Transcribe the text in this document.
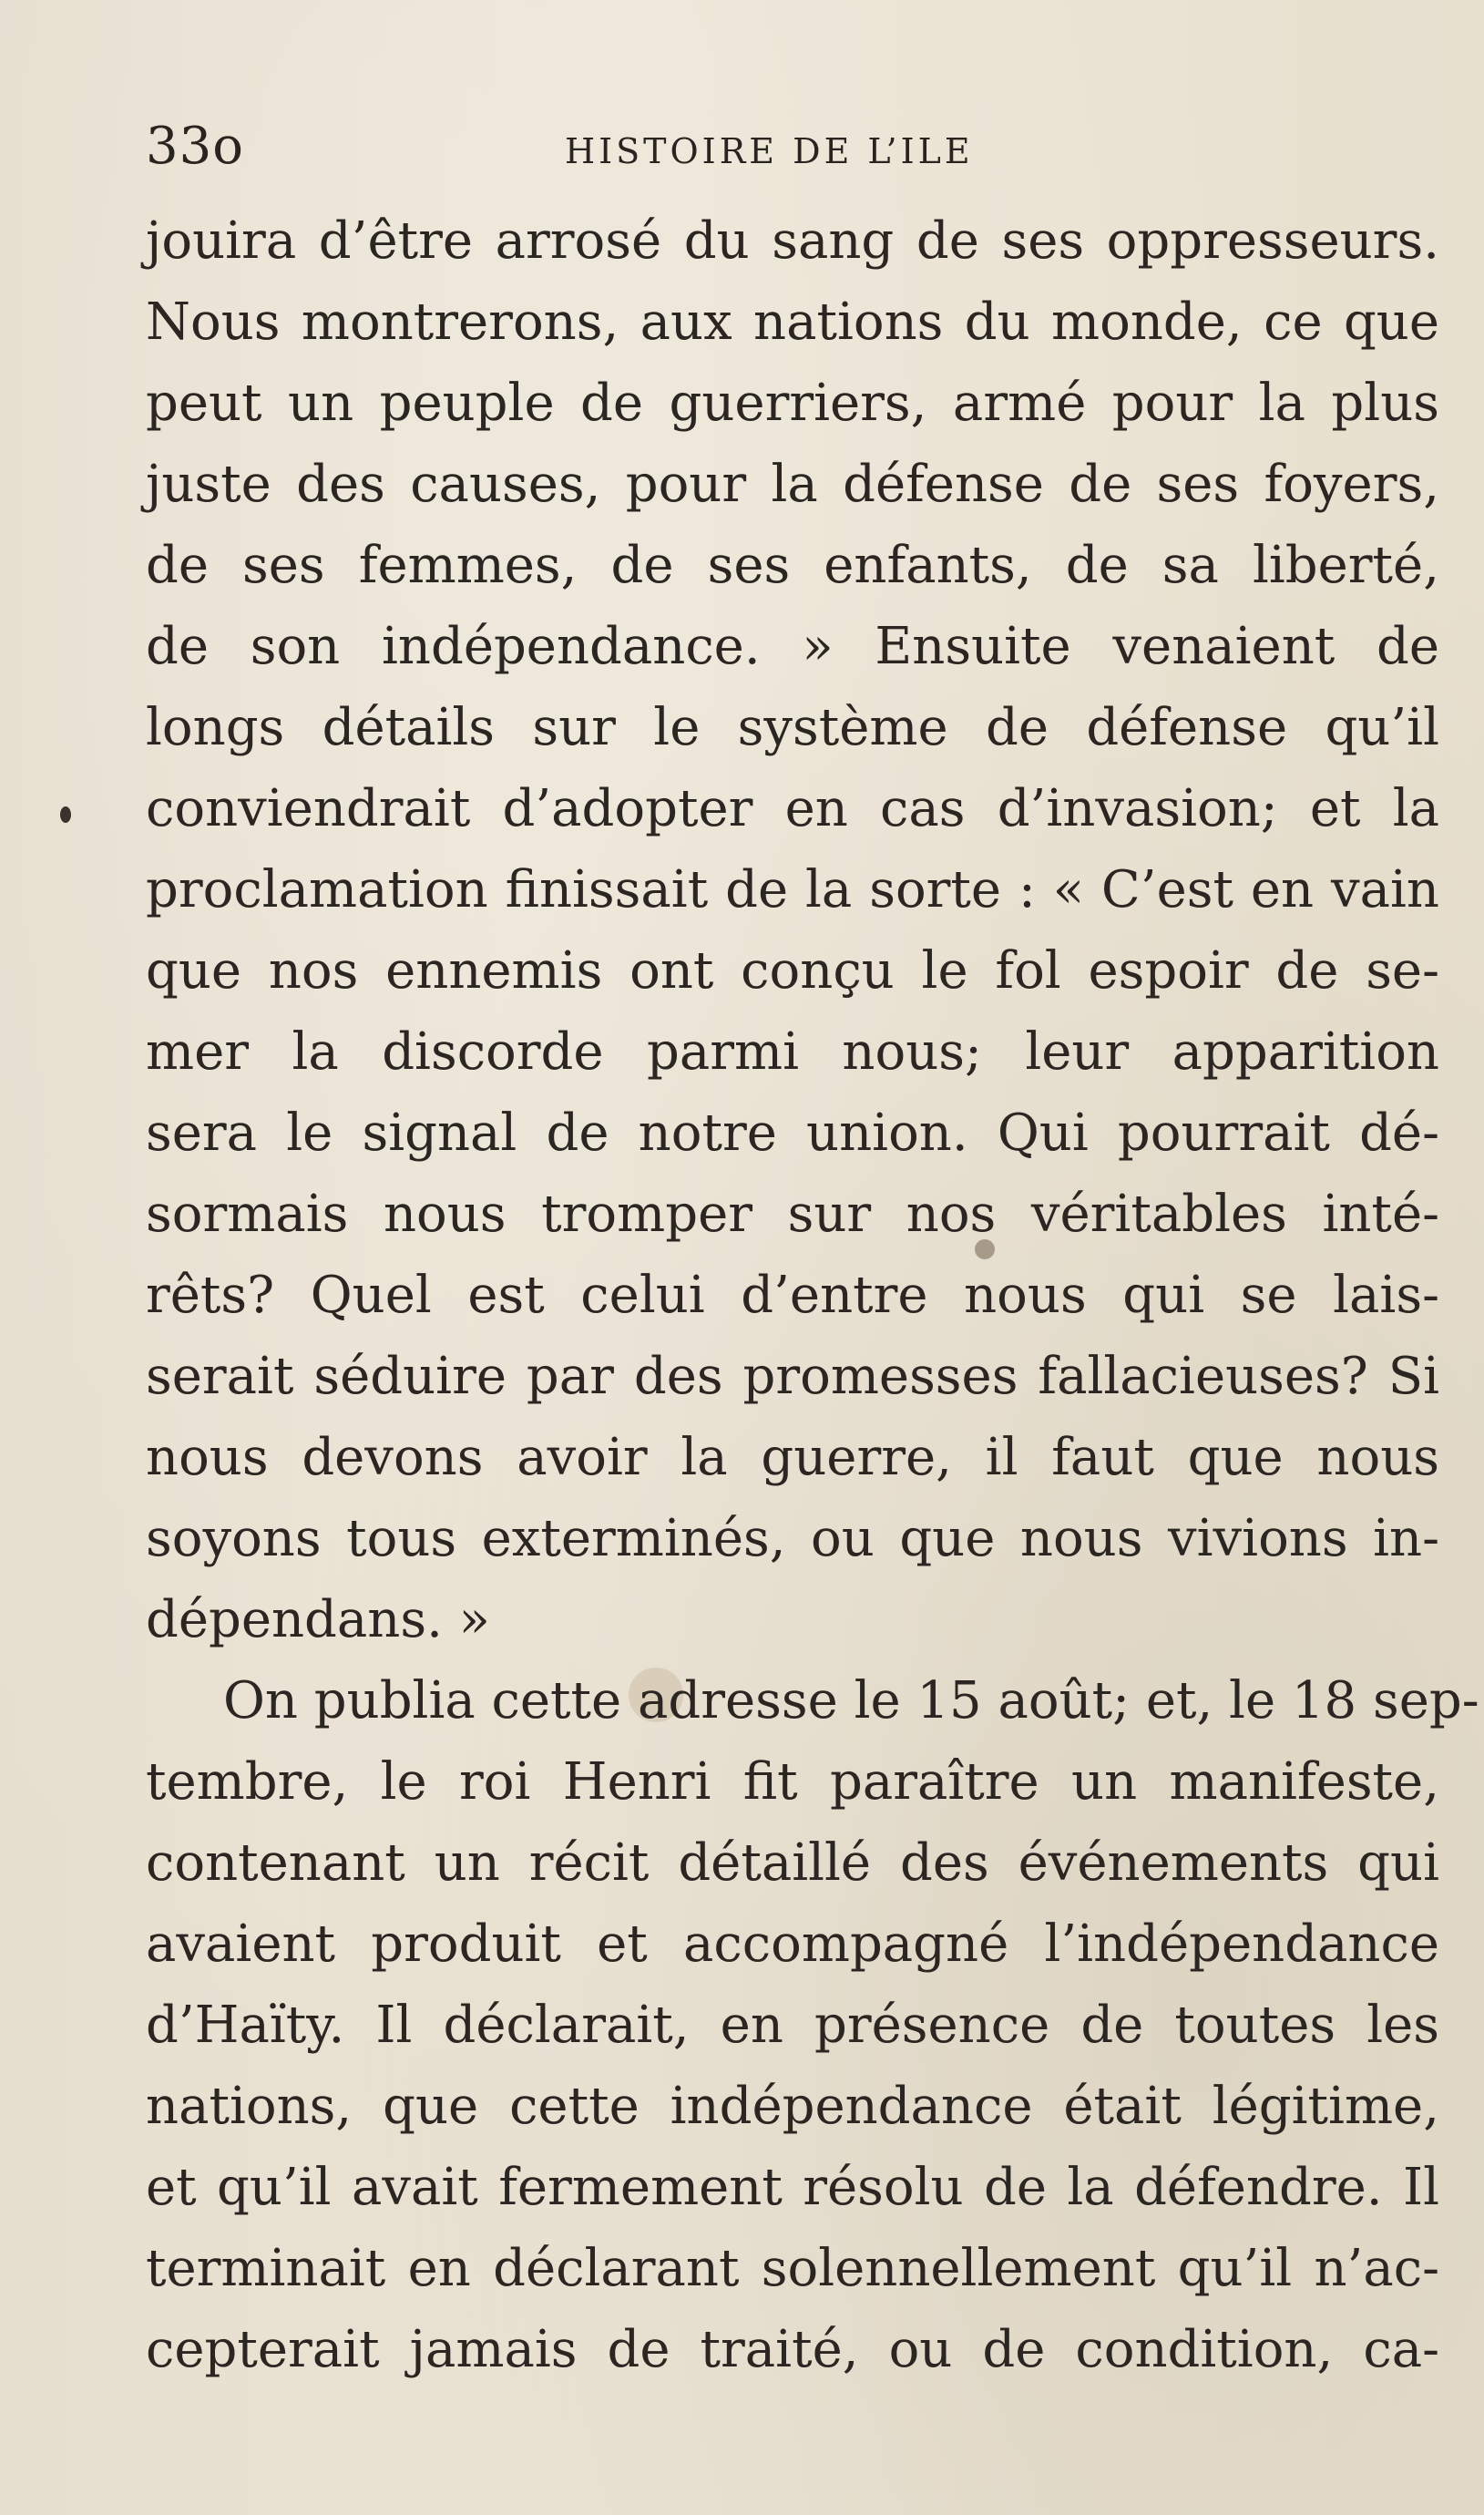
33o	HISTOIRE DE L’ILE
jouira d’être arrosé du sang de ses oppresseurs.
Nous montrerons, aux nations du monde, ce que
peut un peuple de guerriers, armé pour la plus
juste des causes, pour la défense de ses foyers,
de ses femmes, de ses enfants, de sa liberté,
de son indépendance. » Ensuite venaient de
longs détails sur le système de défense qu’il
conviendrait d’adopter en cas d’invasion; et la
proclamation finissait de la sorte : « C’est en vain
que nos ennemis ont conçu le fol espoir de se-
mer la discorde parmi nous; leur apparition
sera le signal de notre union. Qui pourrait dé-
sormais nous tromper sur nos véritables inté-
rêts? Quel est celui d’entre nous qui se lais-
serait séduire par des promesses fallacieuses? Si
nous devons avoir la guerre, il faut que nous
soyons tous exterminés, ou que nous vivions in-
dépendans. »
On publia cette adresse le 15 août; et, le 18 sep-
tembre, le roi Henri fit paraître un manifeste,
contenant un récit détaillé des événements qui
avaient produit et accompagné l’indépendance
d’Haïty. Il déclarait, en présence de toutes les
nations, que cette indépendance était légitime,
et qu’il avait fermement résolu de la défendre. Il
terminait en déclarant solennellement qu’il n’ac-
cepterait jamais de traité, ou de condition, ca-
